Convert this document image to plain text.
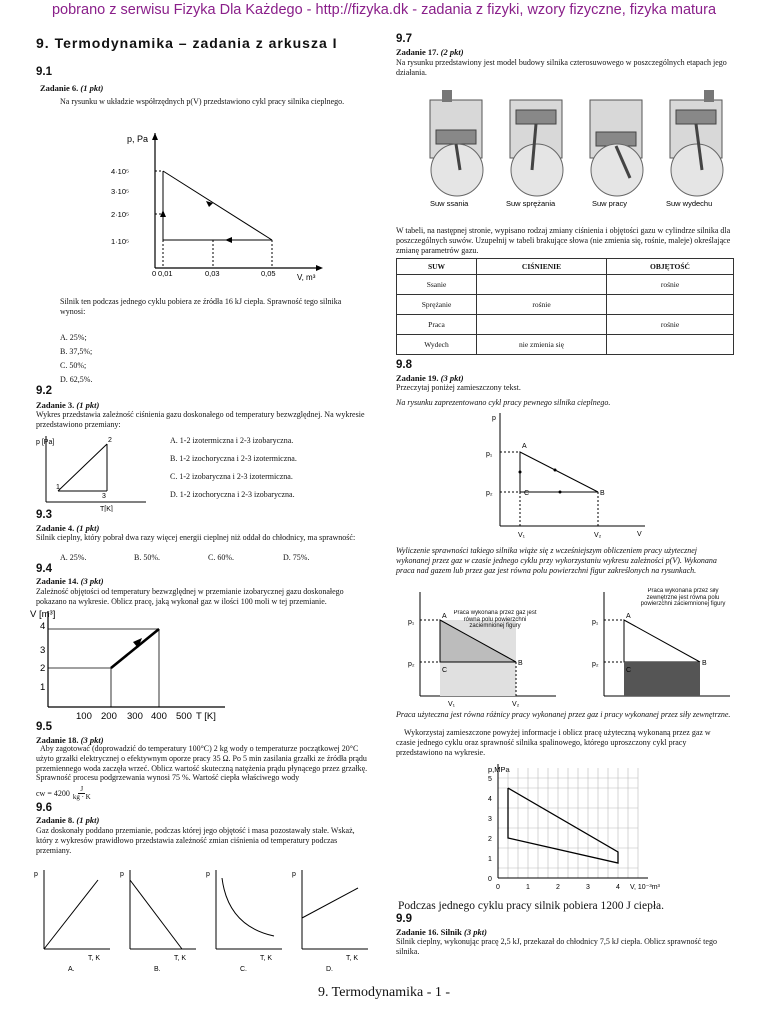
pobrano z serwisu Fizyka Dla Każdego - http://fizyka.dk - zadania z fizyki, wzory fizyczne, fizyka matura
9. Termodynamika – zadania z arkusza I
9.1
Zadanie 6. (1 pkt)
Na rysunku w układzie współrzędnych p(V) przedstawiono cykl pracy silnika cieplnego.
p, Pa
V, m³
4·10⁵
3·10⁵
2·10⁵
1·10⁵
0 0,01	0,03	0,05
Silnik ten podczas jednego cyklu pobiera ze źródła 16 kJ ciepła. Sprawność tego silnika wynosi:
A. 25%;
B. 37,5%;
C. 50%;
D. 62,5%.
9.2
Zadanie 3. (1 pkt)
Wykres przedstawia zależność ciśnienia gazu doskonałego od temperatury bezwzględnej. Na wykresie przedstawiono przemiany:
p [Pa]
T[K]
1
2
3
A. 1-2 izotermiczna i 2-3 izobaryczna.
B. 1-2 izochoryczna i 2-3 izotermiczna.
C. 1-2 izobaryczna i 2-3 izotermiczna.
D. 1-2 izochoryczna i 2-3 izobaryczna.
9.3
Zadanie 4. (1 pkt)
Silnik cieplny, który pobrał dwa razy więcej energii cieplnej niż oddał do chłodnicy, ma sprawność:
A. 25%.	B. 50%.	C. 60%.	D. 75%.
9.4
Zadanie 14. (3 pkt)
Zależność objętości od temperatury bezwzględnej w przemianie izobarycznej gazu doskonałego pokazano na wykresie. Oblicz pracę, jaką wykonał gaz w ilości 100 moli w tej przemianie.
V [m³]
4
3
2
1
100 200 300 400 500 T [K]
9.5
Zadanie 18. (3 pkt)
Aby zagotować (doprowadzić do temperatury 100°C) 2 kg wody o temperaturze początkowej 20°C użyto grzałki elektrycznej o efektywnym oporze pracy 35 Ω. Po 5 min zasilania grzałki ze źródła prądu przemiennego woda zaczęła wrzeć. Oblicz wartość skuteczną natężenia prądu płynącego przez grzałkę. Sprawność procesu podgrzewania wynosi 75 %. Wartość ciepła właściwego wody
cw = $4200 \frac{J}{kg \cdot K}$
9.6
Zadanie 8. (1 pkt)
Gaz doskonały poddano przemianie, podczas której jego objętość i masa pozostawały stałe. Wskaż, który z wykresów prawidłowo przedstawia zależność zmian ciśnienia od temperatury podczas przemiany.
p
T, K
A.
p
T, K
B.
p
T, K
C.
p
T, K
D.
9.7
Zadanie 17. (2 pkt)
Na rysunku przedstawiony jest model budowy silnika czterosuwowego w poszczególnych etapach jego działania.
Suw ssania	Suw sprężania	Suw pracy	Suw wydechu
W tabeli, na następnej stronie, wypisano rodzaj zmiany ciśnienia i objętości gazu w cylindrze silnika dla poszczególnych suwów. Uzupełnij w tabeli brakujące słowa (nie zmienia się, rośnie, maleje) określające zmianę parametrów gazu.
SUW	CIŚNIENIE	OBJĘTOŚĆ
Ssanie		rośnie
Sprężanie	rośnie	
Praca		rośnie
Wydech	nie zmienia się	
9.8
Zadanie 19. (3 pkt)
Przeczytaj poniżej zamieszczony tekst.
Na rysunku zaprezentowano cykl pracy pewnego silnika cieplnego.
p
V
p₁
p₂
V₁	V₂
A
B
C
Wyliczenie sprawności takiego silnika wiąże się z wcześniejszym obliczeniem pracy użytecznej wykonanej przez gaz w czasie jednego cyklu przy wykorzystaniu wykresu zależności p(V). Wykonana praca nad gazem lub przez gaz jest równa polu powierzchni figur zakreślonych na rysunkach.
p₁
p₂
V₁	V₂
A
B
C
Praca wykonana przez gaz jest równa polu powierzchni zaciemnionej figury
p₁
p₂
A
B
C
Praca wykonana przez siły zewnętrzne jest równa polu powierzchni zaciemnionej figury
Praca użyteczna jest równa różnicy pracy wykonanej przez gaz i pracy wykonanej przez siły zewnętrzne.
Wykorzystaj zamieszczone powyżej informacje i oblicz pracę użyteczną wykonaną przez gaz w czasie jednego cyklu oraz sprawność silnika spalinowego, którego uproszczony cykl pracy przedstawiono na wykresie.
p,MPa
0
1
2
3
4
5
0	1	2	3	4 V, 10⁻³m³
Podczas jednego cyklu pracy silnik pobiera 1200 J ciepła.
9.9
Zadanie 16. Silnik (3 pkt)
Silnik cieplny, wykonując pracę 2,5 kJ, przekazał do chłodnicy 7,5 kJ ciepła. Oblicz sprawność tego silnika.
9. Termodynamika - 1 -
